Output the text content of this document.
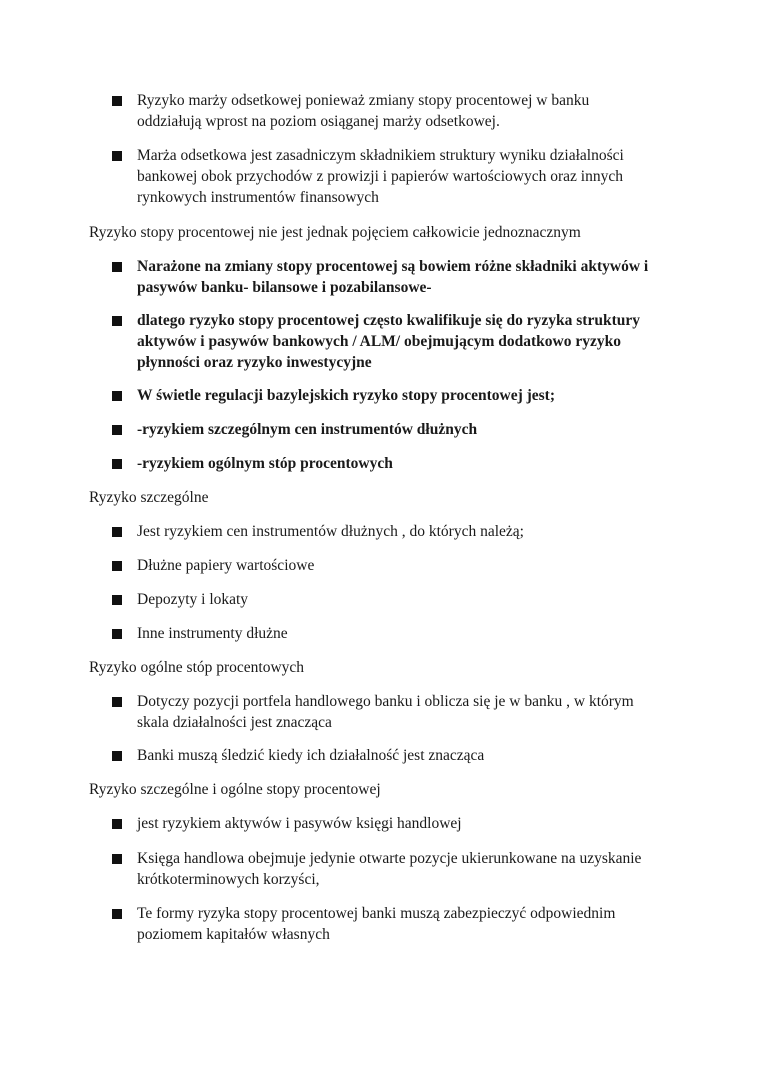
Ryzyko marży odsetkowej ponieważ zmiany stopy procentowej w banku
oddziałują wprost na poziom osiąganej marży odsetkowej.

Marża odsetkowa jest zasadniczym składnikiem struktury wyniku działalności
bankowej obok przychodów z prowizji i papierów wartościowych oraz innych
rynkowych instrumentów finansowych

Ryzyko stopy procentowej nie jest jednak pojęciem całkowicie jednoznacznym

Narażone na zmiany stopy procentowej są bowiem różne składniki aktywów i
pasywów banku- bilansowe i pozabilansowe-

dlatego ryzyko stopy procentowej często kwalifikuje się do ryzyka struktury
aktywów i pasywów bankowych / ALM/ obejmującym dodatkowo ryzyko
płynności oraz ryzyko inwestycyjne

W świetle regulacji bazylejskich ryzyko stopy procentowej jest;

-ryzykiem szczególnym cen instrumentów dłużnych

-ryzykiem ogólnym stóp procentowych

Ryzyko szczególne

Jest ryzykiem cen instrumentów dłużnych , do których należą;

Dłużne papiery wartościowe

Depozyty i lokaty

Inne instrumenty dłużne

Ryzyko ogólne stóp procentowych

Dotyczy pozycji portfela handlowego banku i oblicza się je w banku , w którym
skala działalności jest znacząca

Banki muszą śledzić kiedy ich działalność jest znacząca

Ryzyko szczególne i ogólne stopy procentowej

jest ryzykiem aktywów i pasywów księgi handlowej

Księga handlowa obejmuje jedynie otwarte pozycje ukierunkowane na uzyskanie
krótkoterminowych korzyści,

Te formy ryzyka stopy procentowej banki muszą zabezpieczyć odpowiednim
poziomem kapitałów własnych
